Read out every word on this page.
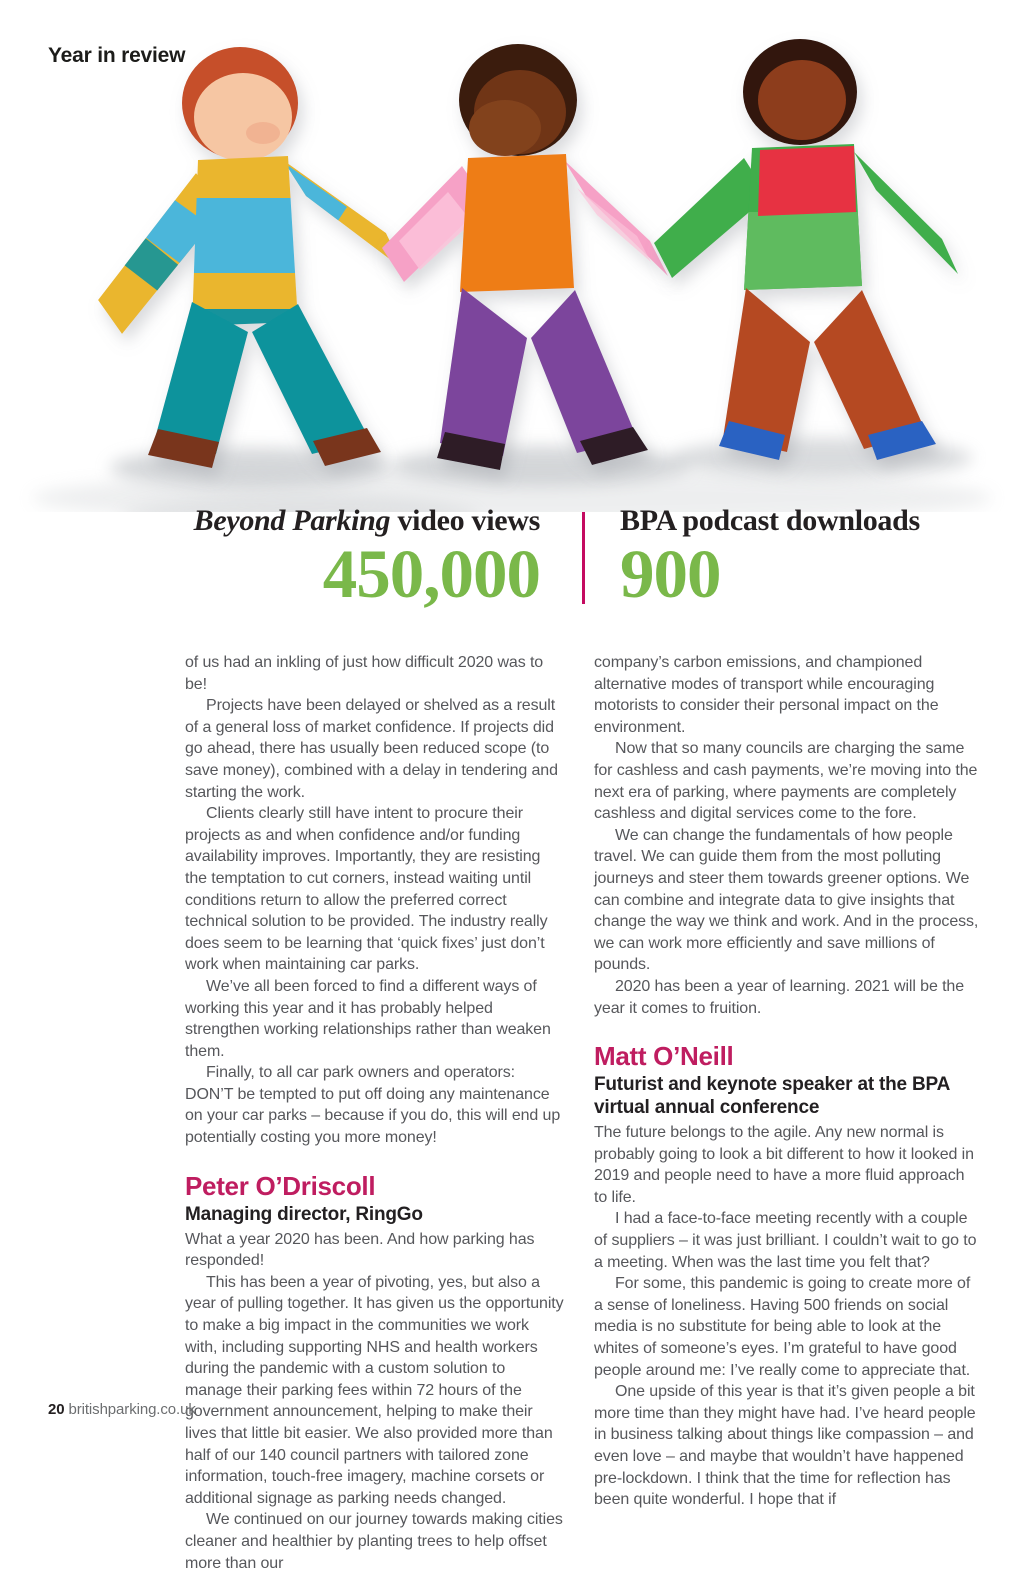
Year in review
Beyond Parking video views
450,000
BPA podcast downloads
900

of us had an inkling of just how difficult 2020 was to be!

Projects have been delayed or shelved as a result of a general loss of market confidence. If projects did go ahead, there has usually been reduced scope (to save money), combined with a delay in tendering and starting the work.

Clients clearly still have intent to procure their projects as and when confidence and/or funding availability improves. Importantly, they are resisting the temptation to cut corners, instead waiting until conditions return to allow the preferred correct technical solution to be provided. The industry really does seem to be learning that ‘quick fixes’ just don’t work when maintaining car parks.

We’ve all been forced to find a different ways of working this year and it has probably helped strengthen working relationships rather than weaken them.

Finally, to all car park owners and operators: DON’T be tempted to put off doing any maintenance on your car parks – because if you do, this will end up potentially costing you more money!

Peter O’Driscoll
Managing director, RingGo

What a year 2020 has been. And how parking has responded!

This has been a year of pivoting, yes, but also a year of pulling together. It has given us the opportunity to make a big impact in the communities we work with, including supporting NHS and health workers during the pandemic with a custom solution to manage their parking fees within 72 hours of the government announcement, helping to make their lives that little bit easier. We also provided more than half of our 140 council partners with tailored zone information, touch-free imagery, machine corsets or additional signage as parking needs changed.

We continued on our journey towards making cities cleaner and healthier by planting trees to help offset more than our

company’s carbon emissions, and championed alternative modes of transport while encouraging motorists to consider their personal impact on the environment.

Now that so many councils are charging the same for cashless and cash payments, we’re moving into the next era of parking, where payments are completely cashless and digital services come to the fore.

We can change the fundamentals of how people travel. We can guide them from the most polluting journeys and steer them towards greener options. We can combine and integrate data to give insights that change the way we think and work. And in the process, we can work more efficiently and save millions of pounds.

2020 has been a year of learning. 2021 will be the year it comes to fruition.

Matt O’Neill
Futurist and keynote speaker at the BPA virtual annual conference

The future belongs to the agile. Any new normal is probably going to look a bit different to how it looked in 2019 and people need to have a more fluid approach to life.

I had a face-to-face meeting recently with a couple of suppliers – it was just brilliant. I couldn’t wait to go to a meeting. When was the last time you felt that?

For some, this pandemic is going to create more of a sense of loneliness. Having 500 friends on social media is no substitute for being able to look at the whites of someone’s eyes. I’m grateful to have good people around me: I’ve really come to appreciate that.

One upside of this year is that it’s given people a bit more time than they might have had. I’ve heard people in business talking about things like compassion – and even love – and maybe that wouldn’t have happened pre-lockdown. I think that the time for reflection has been quite wonderful. I hope that if

20 britishparking.co.uk
